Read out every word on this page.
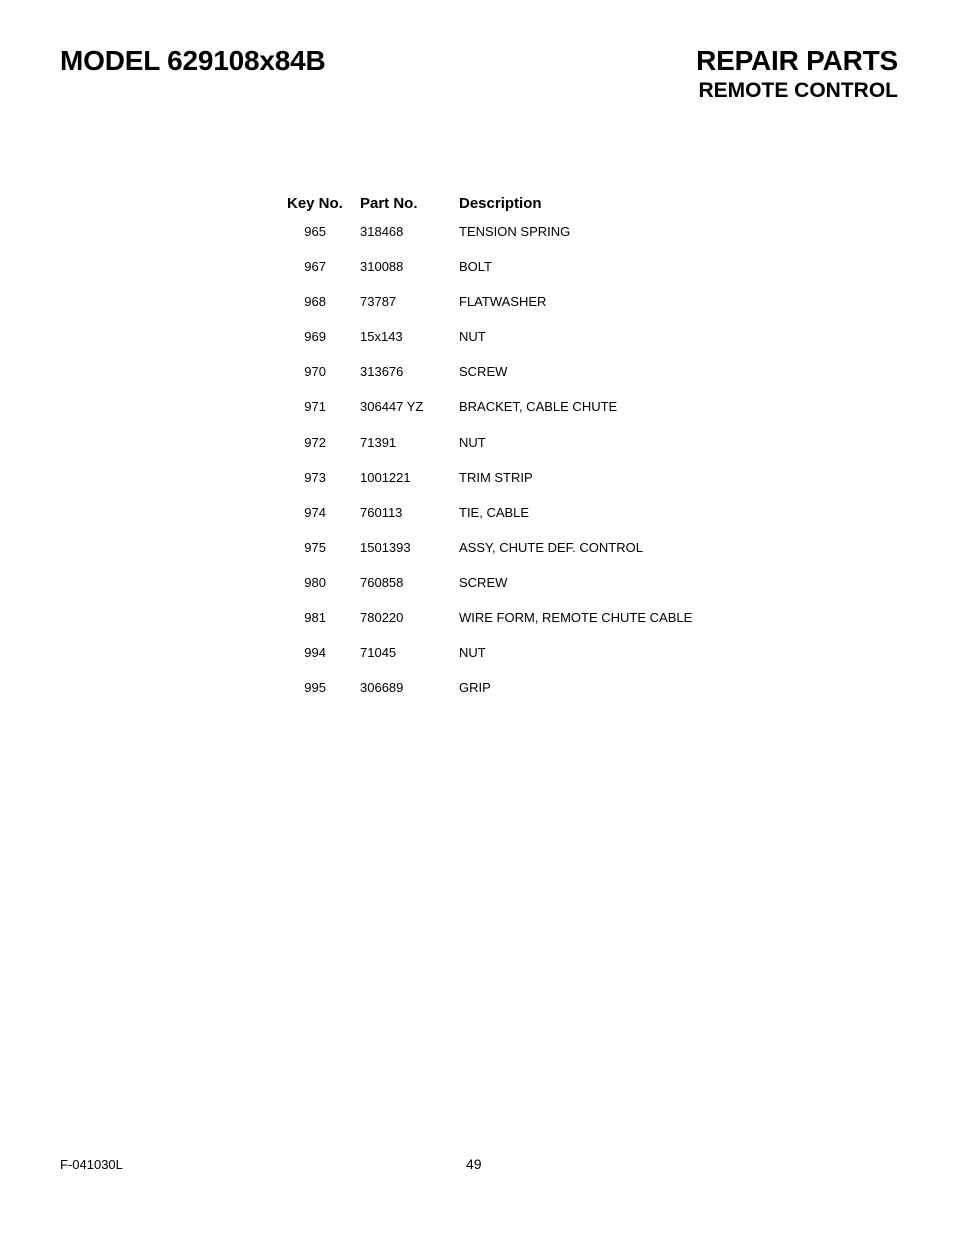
MODEL 629108x84B	REPAIR PARTS
REMOTE CONTROL
Key No. Part No.	Description
965	318468	TENSION SPRING
967	310088	BOLT
968	73787	FLATWASHER
969	15x143	NUT
970	313676	SCREW
971	306447 YZ	BRACKET, CABLE CHUTE
972	71391	NUT
973	1001221	TRIM STRIP
974	760113	TIE, CABLE
975	1501393	ASSY, CHUTE DEF. CONTROL
980	760858	SCREW
981	780220	WIRE FORM, REMOTE CHUTE CABLE
994	71045	NUT
995	306689	GRIP
F-041030L	49
